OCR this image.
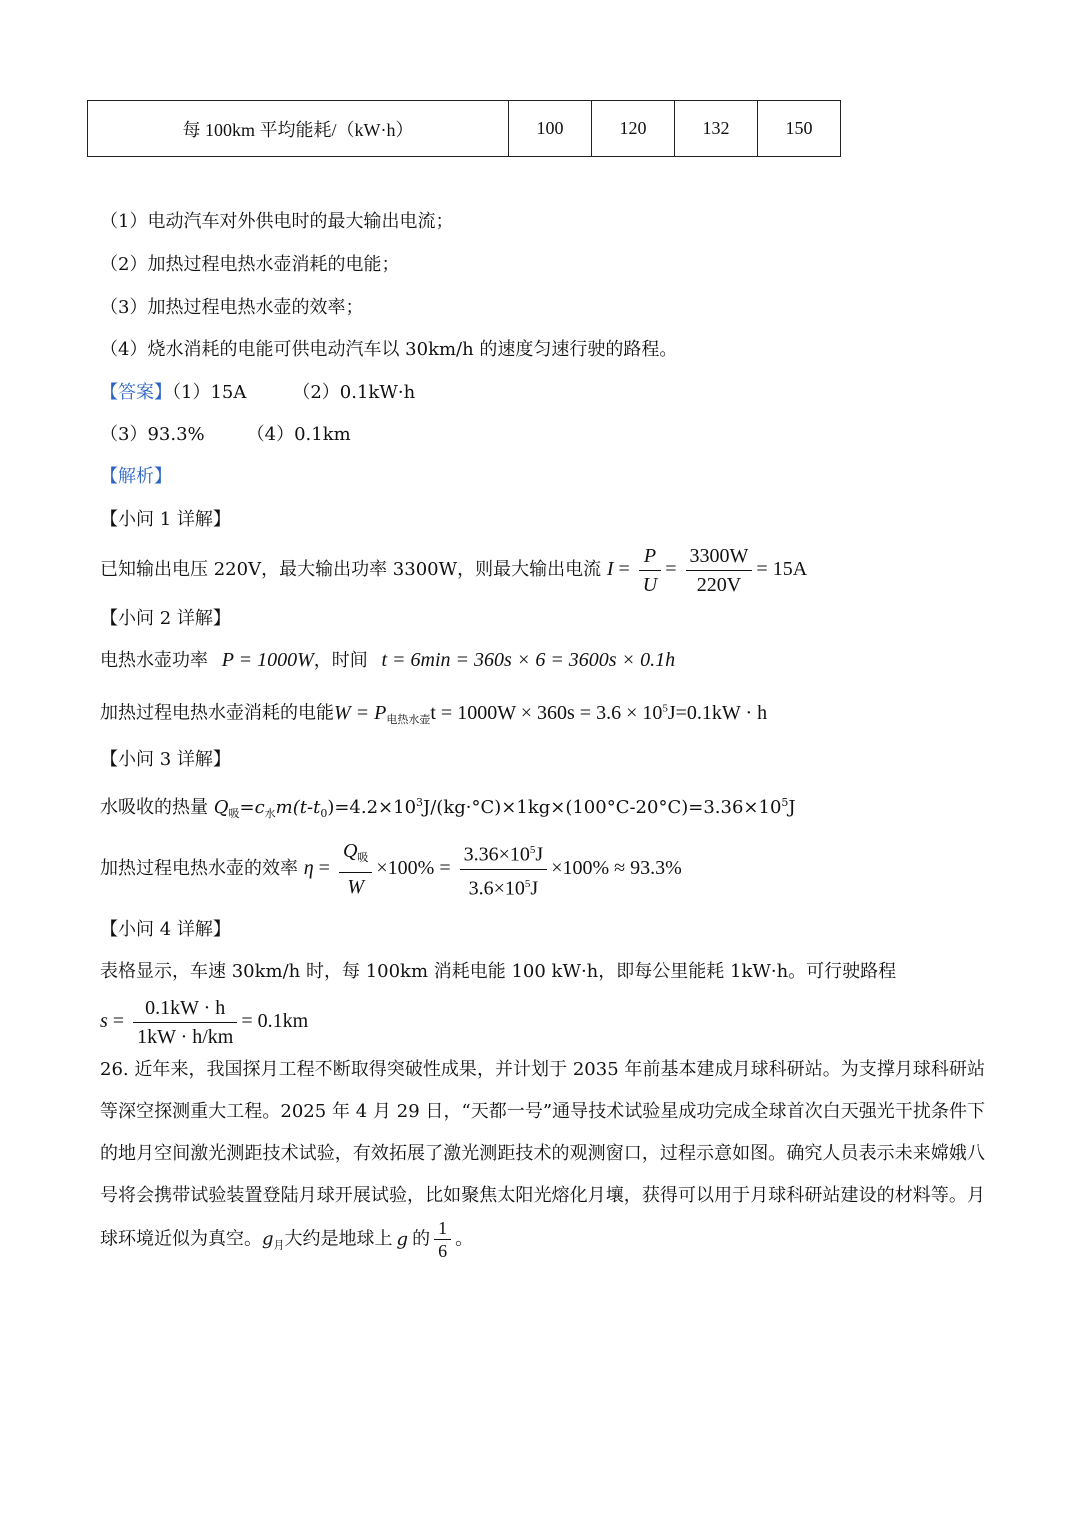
每 100km 平均能耗/（kW·h）	100	120	132	150
（1）电动汽车对外供电时的最大输出电流；
（2）加热过程电热水壶消耗的电能；
（3）加热过程电热水壶的效率；
（4）烧水消耗的电能可供电动汽车以 30km/h 的速度匀速行驶的路程。
【答案】（1）15A	（2）0.1kW·h
（3）93.3% （4）0.1km
【解析】
【小问 1 详解】
已知输出电压 220V，最大输出功率 3300W，则最大输出电流 $I = \frac{P}{U} = \frac{3300W}{220V} = 15A$
【小问 2 详解】
电热水壶功率 P = 1000W，时间 t = 6min = 360s × 6 = 3600s × 0.1h
加热过程电热水壶消耗的电能$W = P_{电热水壶}t = 1000W \times 360s = 3.6 \times 10^5J=0.1kW \cdot h$
【小问 3 详解】
水吸收的热量 $Q_吸=c_水m(t-t_0)=4.2\times 10^3J/(kg\cdot^\circ C)\times 1kg\times(100^\circ C-20^\circ C)=3.36\times 10^5J$
加热过程电热水壶的效率 $\eta = \frac{Q_吸}{W} \times 100\% = \frac{3.36\times 10^5J}{3.6\times 10^5J} \times 100\% \approx 93.3\%$
【小问 4 详解】
表格显示，车速 30km/h 时，每 100km 消耗电能 100 kW·h，即每公里能耗 1kW·h。可行驶路程
$s = \frac{0.1kW \cdot h}{1kW \cdot h/km} = 0.1km$
26. 近年来，我国探月工程不断取得突破性成果，并计划于 2035 年前基本建成月球科研站。为支撑月球科研站等深空探测重大工程。2025 年 4 月 29 日，“天都一号”通导技术试验星成功完成全球首次白天强光干扰条件下的地月空间激光测距技术试验，有效拓展了激光测距技术的观测窗口，过程示意如图。确究人员表示未来嫦娥八号将会携带试验装置登陆月球开展试验，比如聚焦太阳光熔化月壤，获得可以用于月球科研站建设的材料等。月球环境近似为真空。$g_月$大约是地球上 g 的 $\frac{1}{6}$ 。
